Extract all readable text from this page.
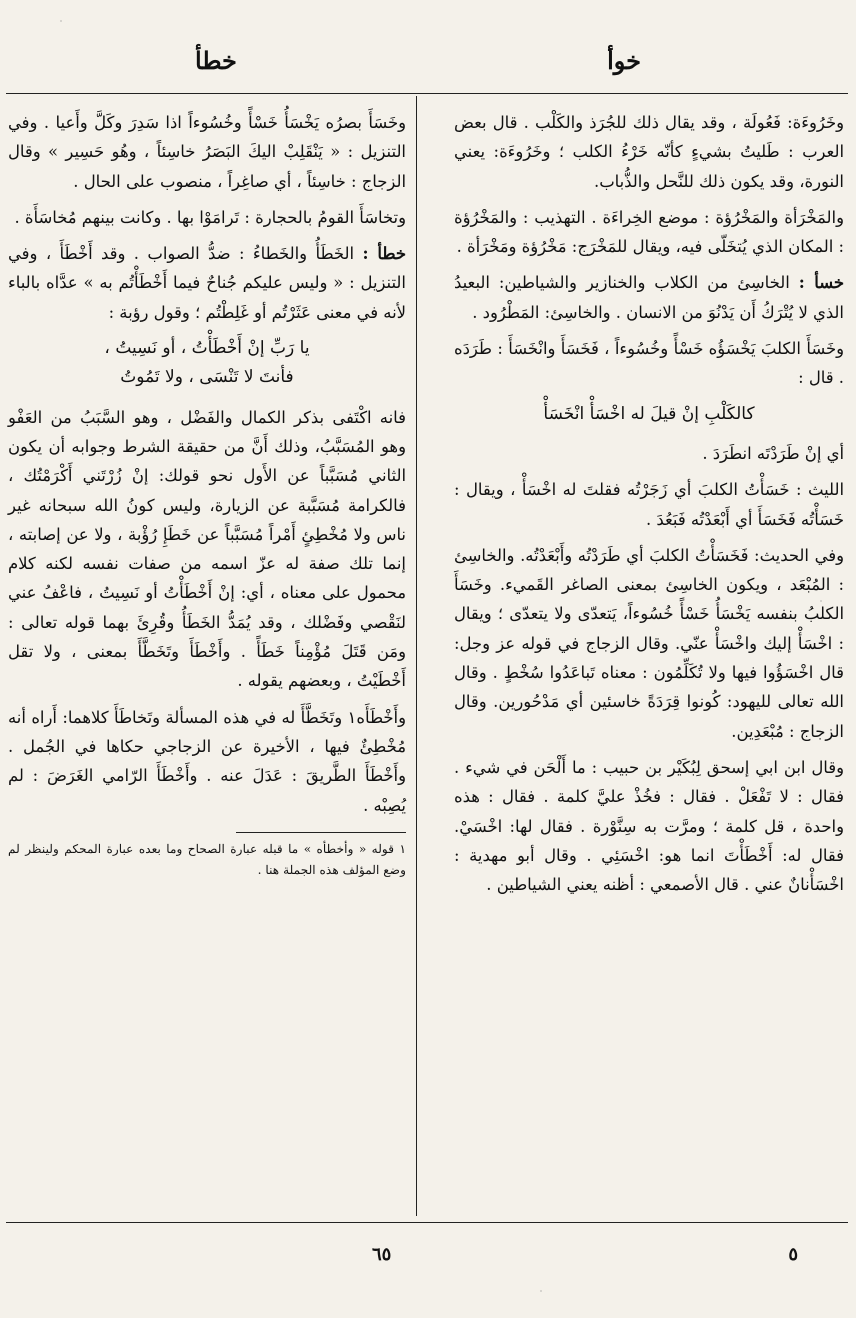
خوأ
خطأ

وخَرُوءَة: فَعُولَة ، وقد يقال ذلك للجُرَذ والكَلْب . قال بعض العرب : طَليتُ بشيءٍ كأنّه خَرْءُ الكلب ؛ وخَرُوءَة: يعني النورة، وقد يكون ذلك للنَّحل والذُّباب.

والمَخْرَأة والمَخْرُؤة : موضع الخِراءَة . التهذيب : والمَخْرُؤة : المكان الذي يُتخَلّى فيه، ويقال للمَخْرَج: مَخْرُؤة ومَخْرَأة .

خسأ : الخاسِئ من الكلاب والخنازير والشياطين: البعيدُ الذي لا يُتْرَكُ أَن يَدْنُوَ من الانسان . والخاسِئ: المَطْرُود .

وخَسَأَ الكلبَ يَخْسَؤُه خَسْأً وخُسُوءاً ، فَخَسَأَ وانْخَسَأَ : طَرَدَه . قال :

كالكَلْبِ إنْ قيلَ له اخْسَأْ انْخَسَأْ

أي إنْ طَرَدْتَه انطَرَدَ .

الليث : خَسَأْتُ الكلبَ أي زَجَرْتُه فقلتَ له اخْسَأْ ، ويقال : خَسَأْتُه فَخَسَأَ أي أَبْعَدْتُه فَبَعُدَ .

وفي الحديث: فَخَسَأْتُ الكلبَ أي طَرَدْتُه وأَبْعَدْتُه. والخاسِئ : المُبْعَد ، ويكون الخاسِئ بمعنى الصاغر القَميء. وخَسَأَ الكلبُ بنفسه يَخْسَأُ خَسْأً خُسُوءاً، يَتعدّى ولا يتعدّى ؛ ويقال : اخْسَأْ إليك واخْسَأْ عنّي. وقال الزجاج في قوله عز وجل: قال اخْسَؤُوا فيها ولا تُكَلِّمُون : معناه تَباعَدُوا سُخْطٍ . وقال الله تعالى لليهود: كُونوا قِرَدَةً خاسئين أي مَدْحُورين. وقال الزجاج : مُبْعَدِين.

وقال ابن ابي إسحق لِبُكَيْر بن حبيب : ما أَلْحَن في شيء . فقال : لا تَفْعَلْ . فقال : فخُذْ عليَّ كلمة . فقال : هذه واحدة ، قل كلمة ؛ ومرَّت به سِنَّوْرة . فقال لها: اخْسَيْ. فقال له: أَخْطَأْتَ انما هو: اخْسَئِي . وقال أبو مهدية : اخْسَأْنانٌ عني . قال الأصمعي : أظنه يعني الشياطين .

وخَسَأَ بصرُه يَخْسَأُ خَسْأً وخُسُوءاً اذا سَدِرَ وكَلَّ وأَعيا . وفي التنزيل : « يَنْقَلِبْ اليكَ البَصَرُ خاسِئاً ، وهُو حَسِير » وقال الزجاج : خاسِئاً ، أي صاغِراً ، منصوب على الحال .

وتخاسَأَ القومُ بالحجارة : تَرامَوْا بها . وكانت بينهم مُخاسَأَة .

خطأ : الخَطَأُ والخَطاءُ : ضدُّ الصواب . وقد أَخْطَأَ ، وفي التنزيل : « وليس عليكم جُناحٌ فيما أَخْطَأْتُم به » عدَّاه بالباء لأنه في معنى عَثَرْتُم أو غَلِطْتُم ؛ وقول رؤبة :

يا رَبِّ إنْ أَخْطَأْتُ ، أو نَسِيتُ ،
فأنتَ لا تَنْسَى ، ولا تَمُوتُ

فانه اكْتَفى بذكر الكمال والفَضْل ، وهو السَّبَبُ من العَفْو وهو المُسَبَّبُ، وذلك أَنَّ من حقيقة الشرط وجوابه أن يكون الثاني مُسَبَّباً عن الأَول نحو قولك: إنْ زُرْتَني أَكْرَمْتُك ، فالكرامة مُسَبَّبة عن الزيارة، وليس كونُ الله سبحانه غير ناس ولا مُخْطِئٍ أَمْراً مُسَبَّباً عن خَطَإِ رُؤْبة ، ولا عن إصابته ، إنما تلك صفة له عزّ اسمه من صفات نفسه لكنه كلام محمول على معناه ، أي: إنْ أَخْطَأْتُ أو نَسِيتُ ، فاعْفُ عني لنَقْصي وفَضْلك ، وقد يُمَدُّ الخَطَأُ وقُرِئَ بهما قوله تعالى : ومَن قَتَلَ مُؤْمِناً خَطَأً . وأَخْطَأَ وتَخَطَّأَ بمعنى ، ولا تقل أَخْطَيْتُ ، وبعضهم يقوله .

وأَخْطَأَه١ وتَخَطَّأَ له في هذه المسألة وتَخاطَأَ كلاهما: أَراه أنه مُخْطِئٌ فيها ، الأخيرة عن الزجاجي حكاها في الجُمل . وأَخْطَأَ الطَّريقَ : عَدَلَ عنه . وأَخْطَأَ الرّامي الغَرَضَ : لم يُصِبْه .

١ قوله « وأخطأه » ما قبله عبارة الصحاح وما بعده عبارة المحكم ولينظر لم وضع المؤلف هذه الجملة هنا .
٥
٦٥
